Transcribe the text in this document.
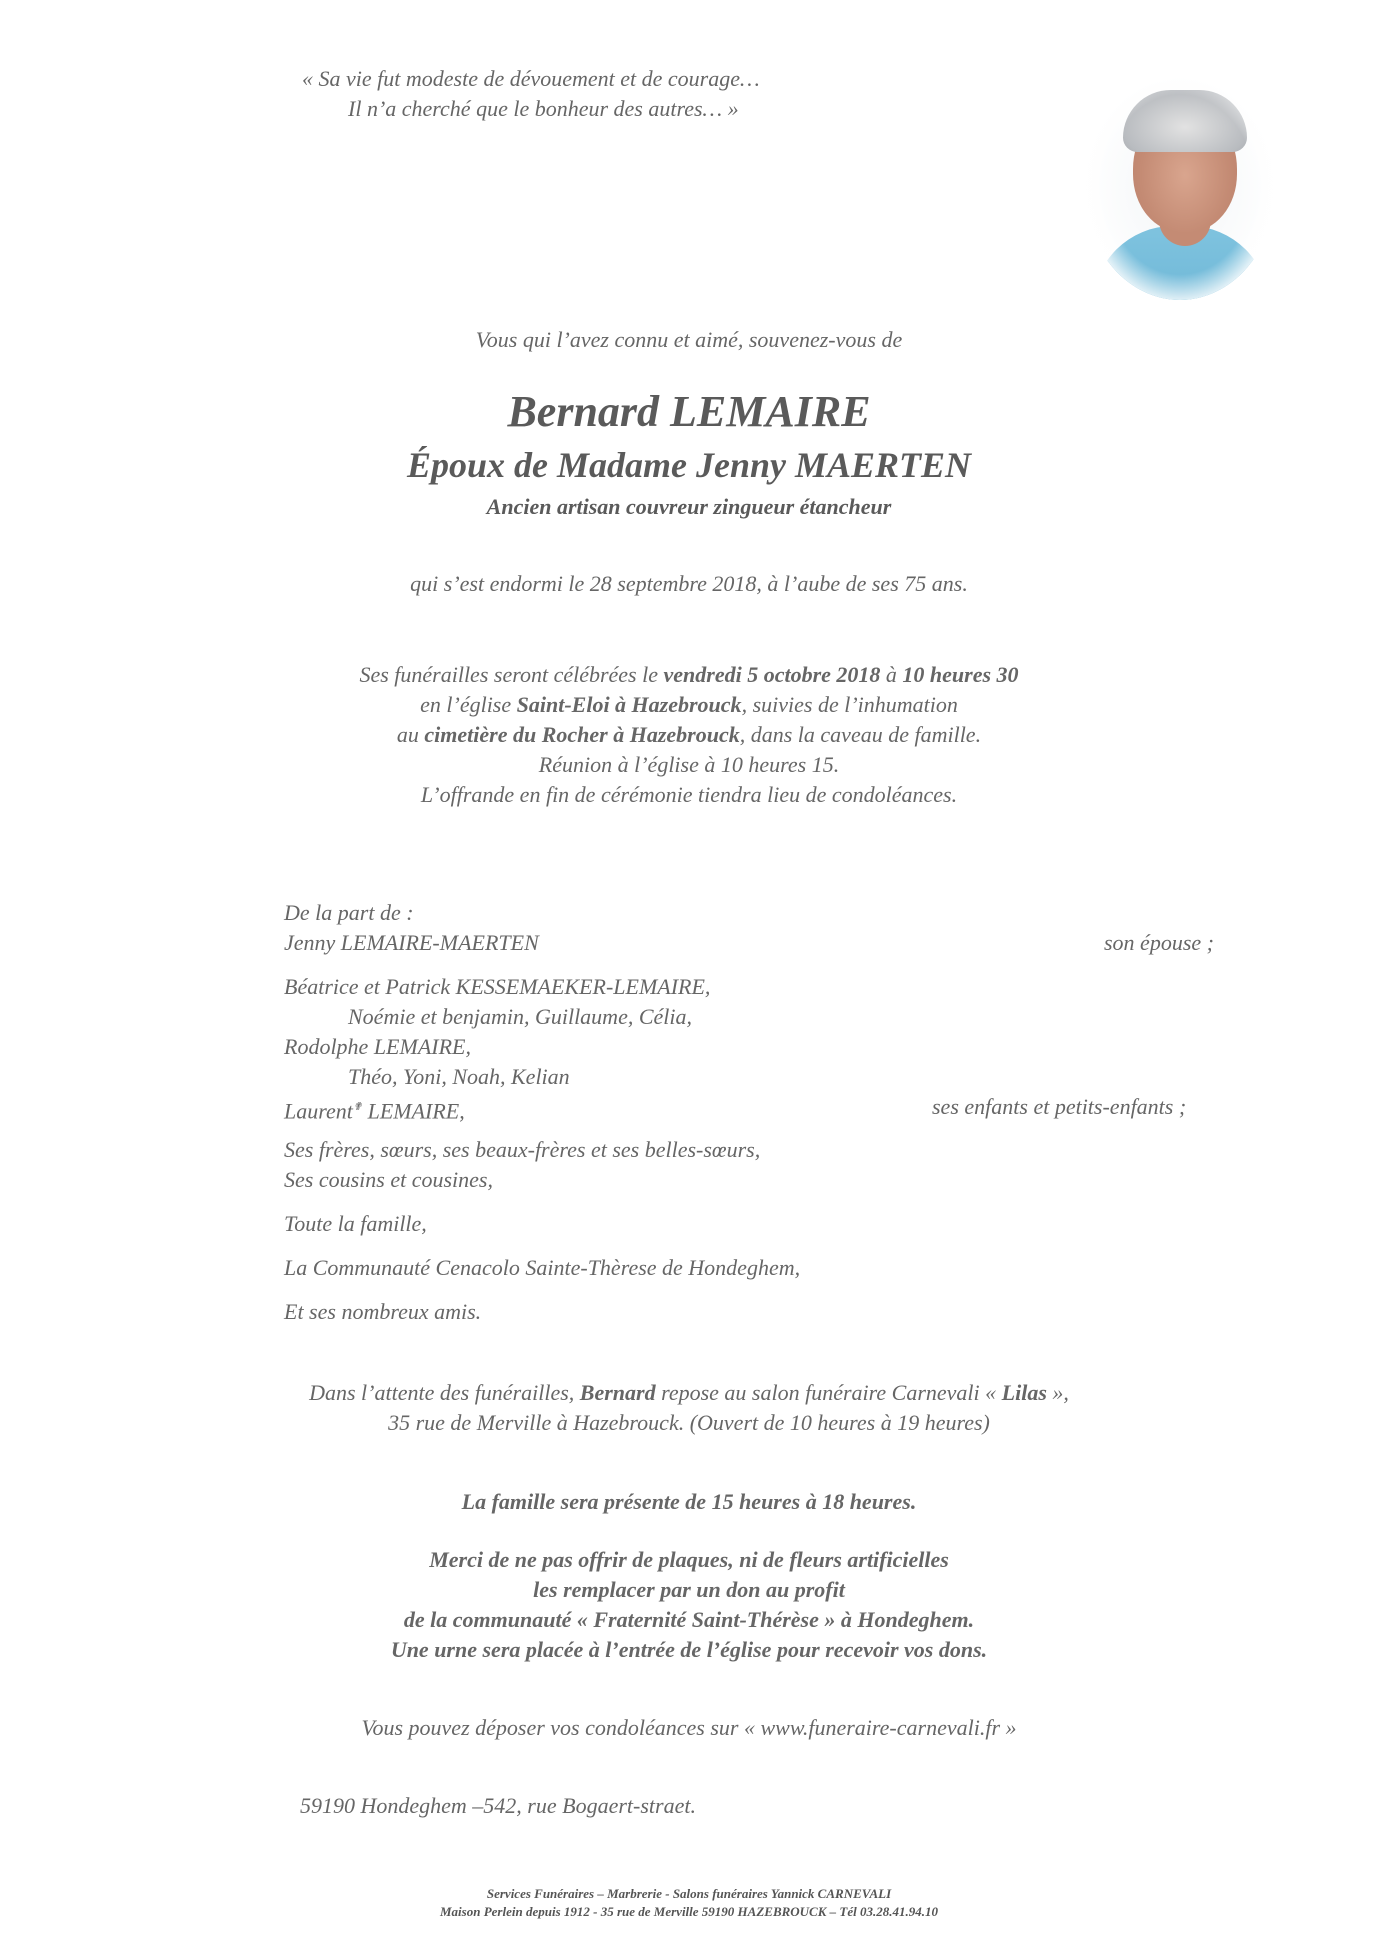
« Sa vie fut modeste de dévouement et de courage…
Il n’a cherché que le bonheur des autres… »
Vous qui l’avez connu et aimé, souvenez-vous de
Bernard LEMAIRE
Époux de Madame Jenny MAERTEN
Ancien artisan couvreur zingueur étancheur
qui s’est endormi le 28 septembre 2018, à l’aube de ses 75 ans.
Ses funérailles seront célébrées le vendredi 5 octobre 2018 à 10 heures 30
en l’église Saint-Eloi à Hazebrouck, suivies de l’inhumation
au cimetière du Rocher à Hazebrouck, dans la caveau de famille.
Réunion à l’église à 10 heures 15.
L’offrande en fin de cérémonie tiendra lieu de condoléances.
De la part de :
Jenny LEMAIRE-MAERTEN	son épouse ;
Béatrice et Patrick KESSEMAEKER-LEMAIRE,
Noémie et benjamin, Guillaume, Célia,
Rodolphe LEMAIRE,
Théo, Yoni, Noah, Kelian
Laurent✟ LEMAIRE,	ses enfants et petits-enfants ;
Ses frères, sœurs, ses beaux-frères et ses belles-sœurs,
Ses cousins et cousines,
Toute la famille,
La Communauté Cenacolo Sainte-Thèrese de Hondeghem,
Et ses nombreux amis.
Dans l’attente des funérailles, Bernard repose au salon funéraire Carnevali « Lilas »,
35 rue de Merville à Hazebrouck. (Ouvert de 10 heures à 19 heures)
La famille sera présente de 15 heures à 18 heures.
Merci de ne pas offrir de plaques, ni de fleurs artificielles
les remplacer par un don au profit
de la communauté « Fraternité Saint-Thérèse » à Hondeghem.
Une urne sera placée à l’entrée de l’église pour recevoir vos dons.
Vous pouvez déposer vos condoléances sur « www.funeraire-carnevali.fr »
59190 Hondeghem –542, rue Bogaert-straet.
Services Funéraires – Marbrerie - Salons funéraires Yannick CARNEVALI
Maison Perlein depuis 1912 - 35 rue de Merville 59190 HAZEBROUCK – Tél 03.28.41.94.10
